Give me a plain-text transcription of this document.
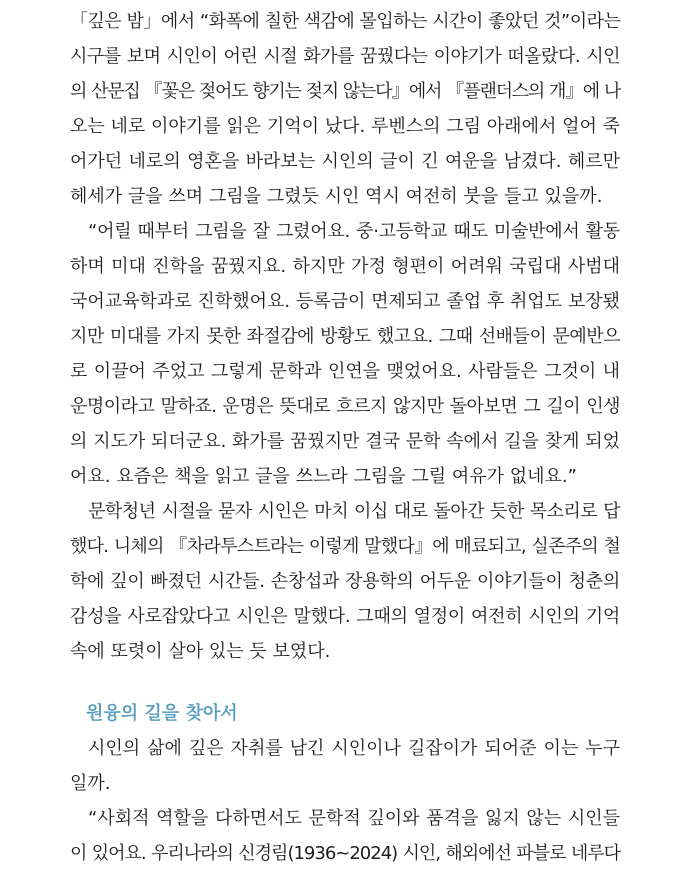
「깊은 밤」에서 “화폭에 칠한 색감에 몰입하는 시간이 좋았던 것”이라는
시구를 보며 시인이 어린 시절 화가를 꿈꿨다는 이야기가 떠올랐다. 시인
의 산문집 『꽃은 젖어도 향기는 젖지 않는다』에서 『플랜더스의 개』에 나
오는 네로 이야기를 읽은 기억이 났다. 루벤스의 그림 아래에서 얼어 죽
어가던 네로의 영혼을 바라보는 시인의 글이 긴 여운을 남겼다. 헤르만
헤세가 글을 쓰며 그림을 그렸듯 시인 역시 여전히 붓을 들고 있을까.
“어릴 때부터 그림을 잘 그렸어요. 중·고등학교 때도 미술반에서 활동
하며 미대 진학을 꿈꿨지요. 하지만 가정 형편이 어려워 국립대 사범대
국어교육학과로 진학했어요. 등록금이 면제되고 졸업 후 취업도 보장됐
지만 미대를 가지 못한 좌절감에 방황도 했고요. 그때 선배들이 문예반으
로 이끌어 주었고 그렇게 문학과 인연을 맺었어요. 사람들은 그것이 내
운명이라고 말하죠. 운명은 뜻대로 흐르지 않지만 돌아보면 그 길이 인생
의 지도가 되더군요. 화가를 꿈꿨지만 결국 문학 속에서 길을 찾게 되었
어요. 요즘은 책을 읽고 글을 쓰느라 그림을 그릴 여유가 없네요.”
문학청년 시절을 묻자 시인은 마치 이십 대로 돌아간 듯한 목소리로 답
했다. 니체의 『차라투스트라는 이렇게 말했다』에 매료되고, 실존주의 철
학에 깊이 빠졌던 시간들. 손창섭과 장용학의 어두운 이야기들이 청춘의
감성을 사로잡았다고 시인은 말했다. 그때의 열정이 여전히 시인의 기억
속에 또렷이 살아 있는 듯 보였다.
원융의 길을 찾아서
시인의 삶에 깊은 자취를 남긴 시인이나 길잡이가 되어준 이는 누구
일까.
“사회적 역할을 다하면서도 문학적 깊이와 품격을 잃지 않는 시인들
이 있어요. 우리나라의 신경림(1936~2024) 시인, 해외에선 파블로 네루다
